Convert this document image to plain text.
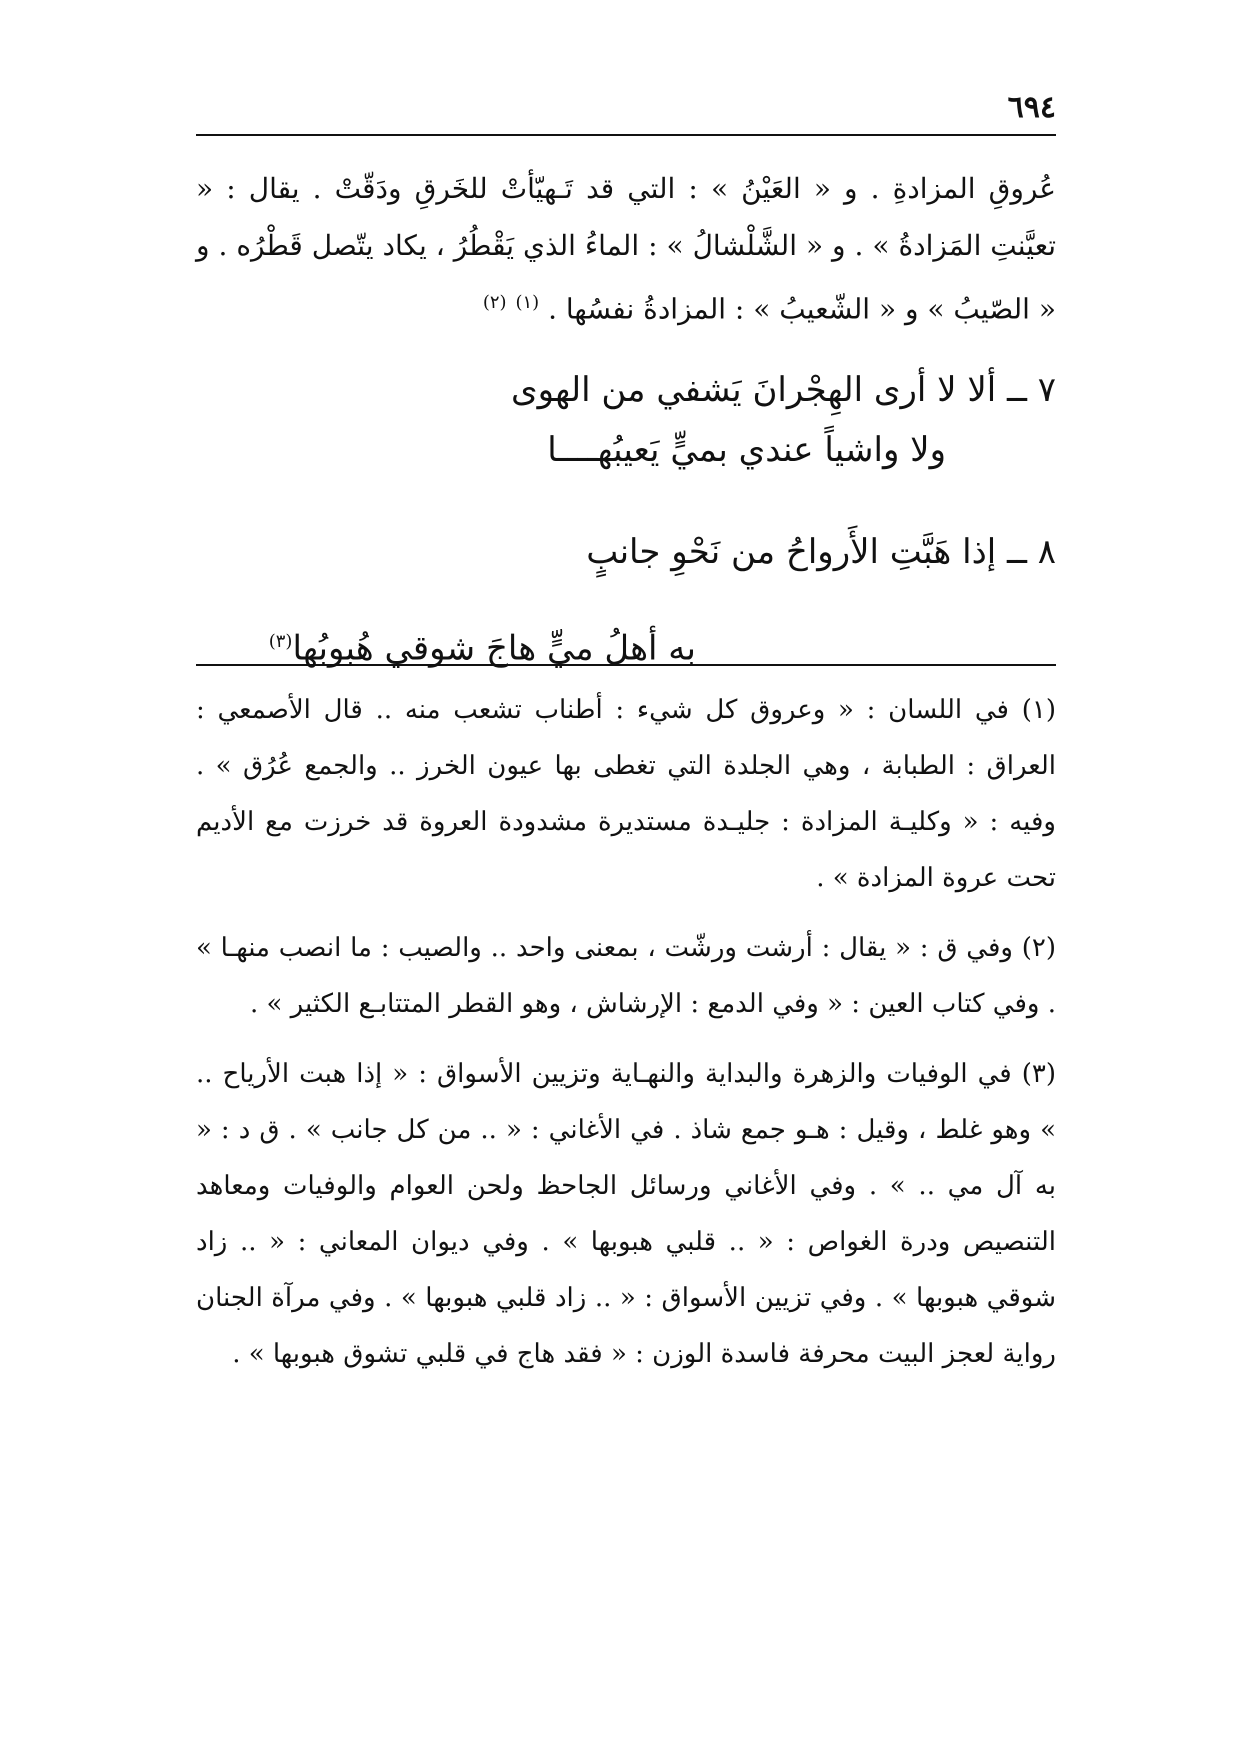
٦٩٤

عُروقِ المزادةِ . و « العَيْنُ » : التي قد تَـهيّأتْ للخَرقِ ودَقّتْ . يقال : « تعيَّنتِ المَزادةُ » . و « الشَّلْشالُ » : الماءُ الذي يَقْطُرُ ، يكاد يتّصل قَطْرُه . و « الصّيبُ » و « الشّعيبُ » : المزادةُ نفسُها . $^{(١)}$ $^{(٢)}$

٧ ــ ألا لا أرى الهِجْرانَ يَشفي من الهوى
ولا واشياً عندي بميٍّ يَعيبُهــــا
٨ ــ إذا هَبَّتِ الأَرواحُ من نَحْوِ جانبٍ
به أهلُ ميٍّ هاجَ شوقي هُبوبُها$^{(٣)}$

(١) في اللسان : « وعروق كل شيء : أطناب تشعب منه .. قال الأصمعي : العراق : الطبابة ، وهي الجلدة التي تغطى بها عيون الخرز .. والجمع عُرُق » . وفيه : « وكليـة المزادة : جليـدة مستديرة مشدودة العروة قد خرزت مع الأديم تحت عروة المزادة » .

(٢) وفي ق : « يقال : أرشت ورشّت ، بمعنى واحد .. والصيب : ما انصب منهـا » . وفي كتاب العين : « وفي الدمع : الإرشاش ، وهو القطر المتتابـع الكثير » .

(٣) في الوفيات والزهرة والبداية والنهـاية وتزيين الأسواق : « إذا هبت الأرياح .. » وهو غلط ، وقيل : هـو جمع شاذ . في الأغاني : « .. من كل جانب » . ق د : « به آل مي .. » . وفي الأغاني ورسائل الجاحظ ولحن العوام والوفيات ومعاهد التنصيص ودرة الغواص : « .. قلبي هبوبها » . وفي ديوان المعاني : « .. زاد شوقي هبوبها » . وفي تزيين الأسواق : « .. زاد قلبي هبوبها » . وفي مرآة الجنان رواية لعجز البيت محرفة فاسدة الوزن : « فقد هاج في قلبي تشوق هبوبها » .
